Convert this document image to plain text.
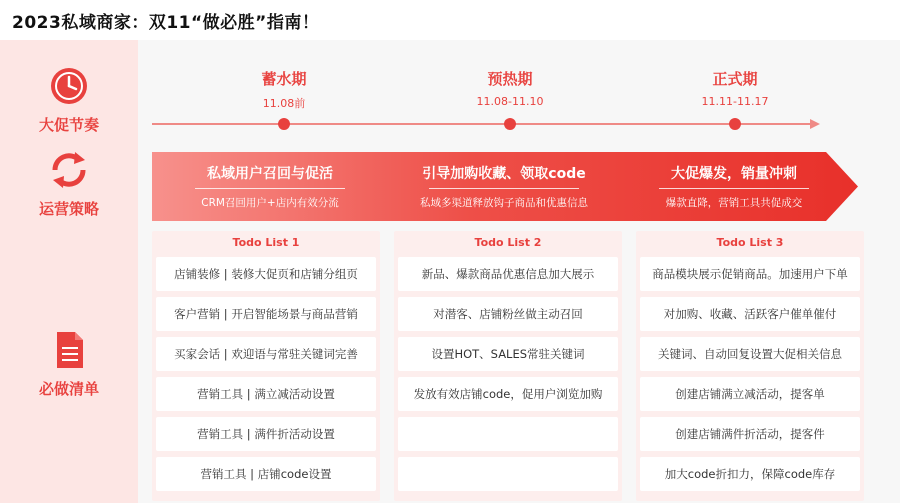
2023私域商家：双11“做必胜”指南！
大促节奏
运营策略
必做清单
蓄水期
11.08前
预热期
11.08-11.10
正式期
11.11-11.17
私域用户召回与促活
CRM召回用户+店内有效分流
引导加购收藏、领取code
私域多渠道释放钩子商品和优惠信息
大促爆发，销量冲刺
爆款直降，营销工具共促成交
Todo List 1
店铺装修 | 装修大促页和店铺分组页
客户营销 | 开启智能场景与商品营销
买家会话 | 欢迎语与常驻关键词完善
营销工具 | 满立减活动设置
营销工具 | 满件折活动设置
营销工具 | 店铺code设置
Todo List 2
新品、爆款商品优惠信息加大展示
对潜客、店铺粉丝做主动召回
设置HOT、SALES常驻关键词
发放有效店铺code，促用户浏览加购
Todo List 3
商品模块展示促销商品。加速用户下单
对加购、收藏、活跃客户催单催付
关键词、自动回复设置大促相关信息
创建店铺满立减活动，提客单
创建店铺满件折活动，提客件
加大code折扣力，保障code库存
